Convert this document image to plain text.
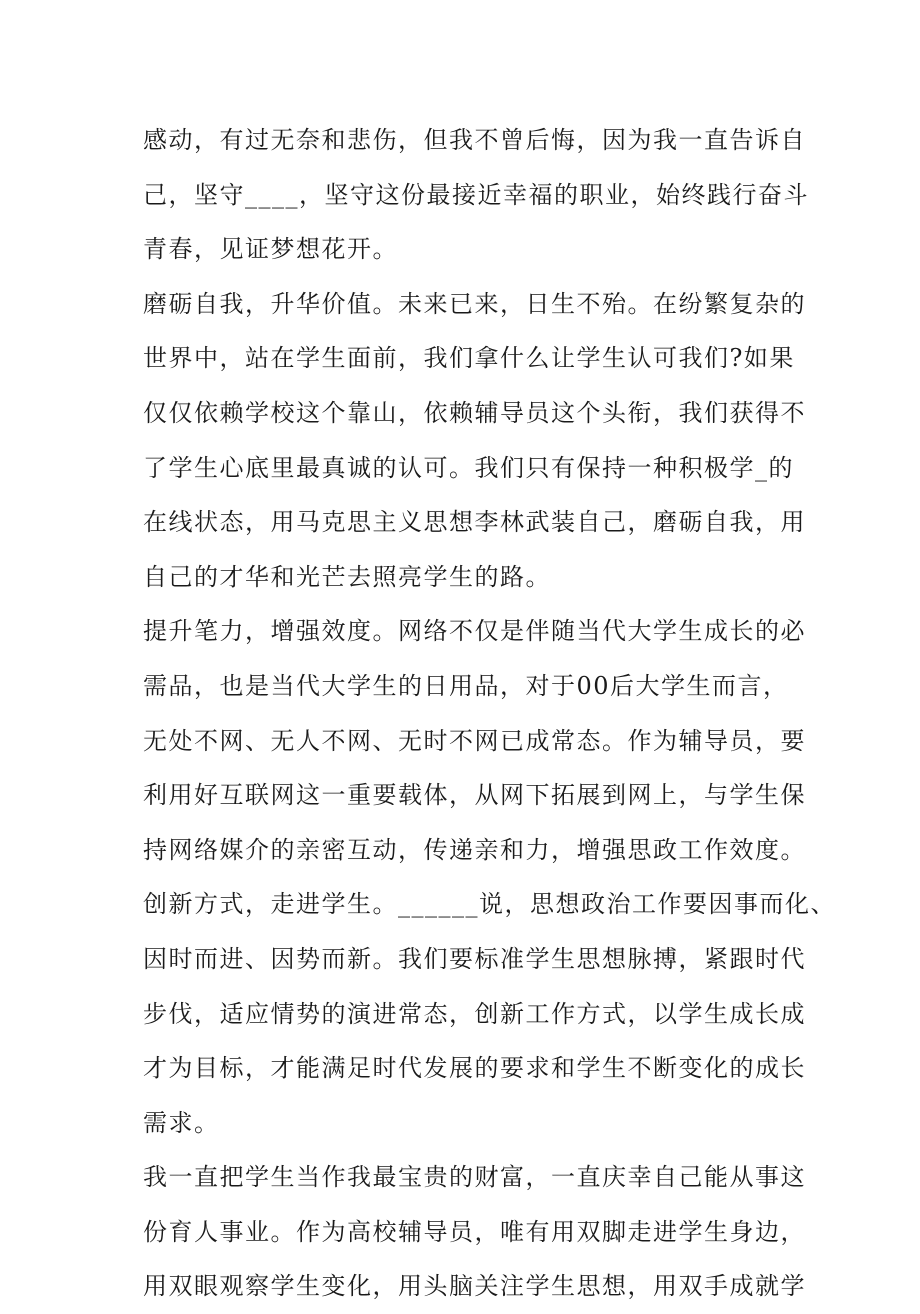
感动，有过无奈和悲伤，但我不曾后悔，因为我一直告诉自
己，坚守____，坚守这份最接近幸福的职业，始终践行奋斗
青春，见证梦想花开。
磨砺自我，升华价值。未来已来，日生不殆。在纷繁复杂的
世界中，站在学生面前，我们拿什么让学生认可我们?如果
仅仅依赖学校这个靠山，依赖辅导员这个头衔，我们获得不
了学生心底里最真诚的认可。我们只有保持一种积极学_的
在线状态，用马克思主义思想李林武装自己，磨砺自我，用
自己的才华和光芒去照亮学生的路。
提升笔力，增强效度。网络不仅是伴随当代大学生成长的必
需品，也是当代大学生的日用品，对于00后大学生而言，
无处不网、无人不网、无时不网已成常态。作为辅导员，要
利用好互联网这一重要载体，从网下拓展到网上，与学生保
持网络媒介的亲密互动，传递亲和力，增强思政工作效度。
创新方式，走进学生。______说，思想政治工作要因事而化、
因时而进、因势而新。我们要标准学生思想脉搏，紧跟时代
步伐，适应情势的演进常态，创新工作方式，以学生成长成
才为目标，才能满足时代发展的要求和学生不断变化的成长
需求。
我一直把学生当作我最宝贵的财富，一直庆幸自己能从事这
份育人事业。作为高校辅导员，唯有用双脚走进学生身边，
用双眼观察学生变化，用头脑关注学生思想，用双手成就学
